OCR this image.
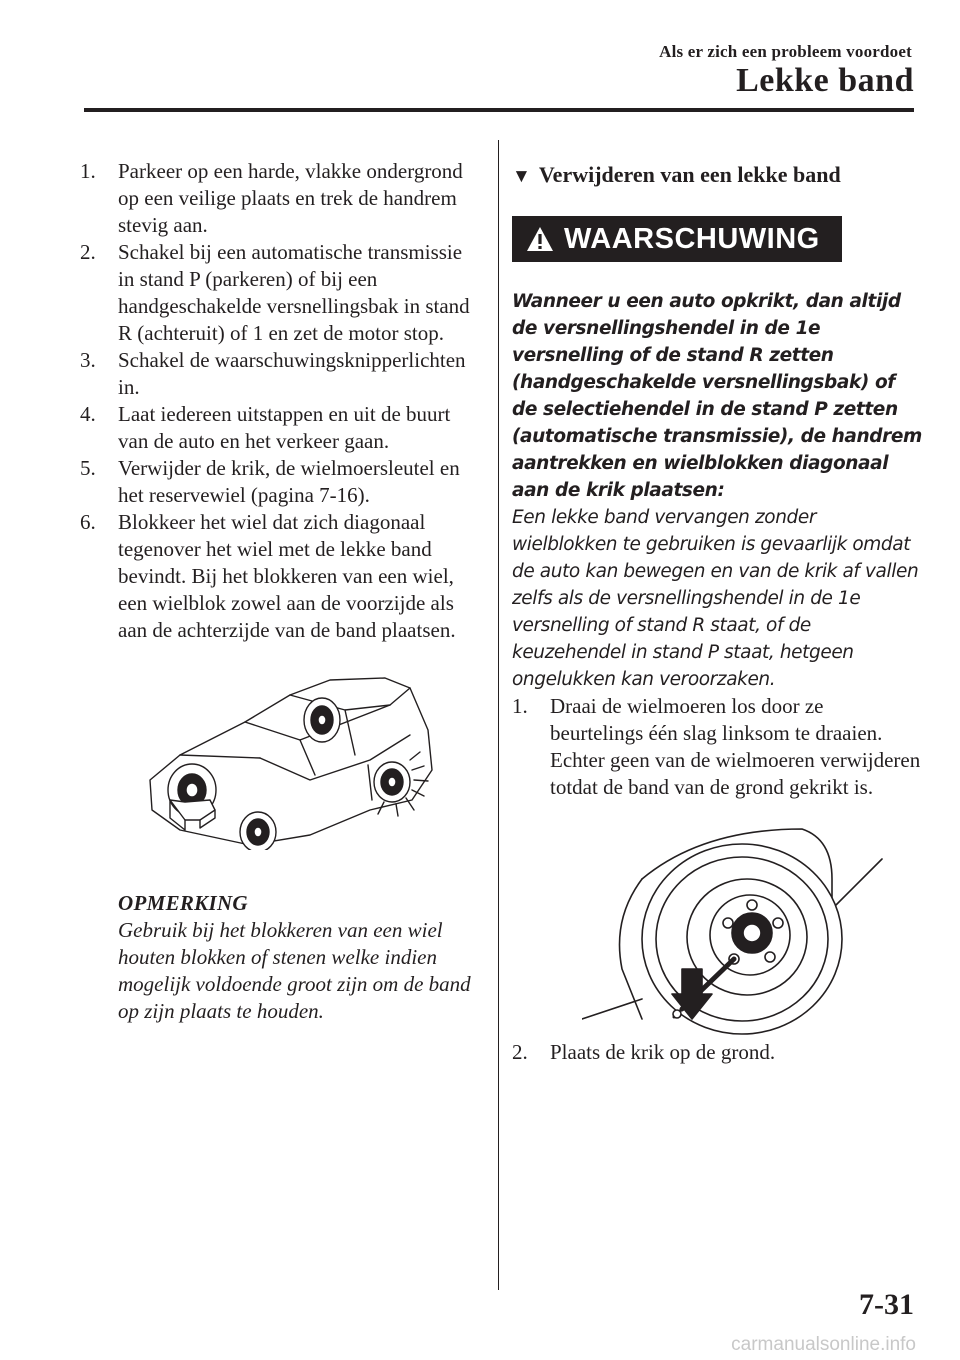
Als er zich een probleem voordoet
Lekke band
1. Parkeer op een harde, vlakke ondergrond op een veilige plaats en trek de handrem stevig aan.
2. Schakel bij een automatische transmissie in stand P (parkeren) of bij een handgeschakelde versnellingsbak in stand R (achteruit) of 1 en zet de motor stop.
3. Schakel de waarschuwingsknipperlichten in.
4. Laat iedereen uitstappen en uit de buurt van de auto en het verkeer gaan.
5. Verwijder de krik, de wielmoersleutel en het reservewiel (pagina 7-16).
6. Blokkeer het wiel dat zich diagonaal tegenover het wiel met de lekke band bevindt. Bij het blokkeren van een wiel, een wielblok zowel aan de voorzijde als aan de achterzijde van de band plaatsen.
OPMERKING
Gebruik bij het blokkeren van een wiel houten blokken of stenen welke indien mogelijk voldoende groot zijn om de band op zijn plaats te houden.
▼ Verwijderen van een lekke band
WAARSCHUWING
Wanneer u een auto opkrikt, dan altijd de versnellingshendel in de 1e versnelling of de stand R zetten (handgeschakelde versnellingsbak) of de selectiehendel in de stand P zetten (automatische transmissie), de handrem aantrekken en wielblokken diagonaal aan de krik plaatsen:
Een lekke band vervangen zonder wielblokken te gebruiken is gevaarlijk omdat de auto kan bewegen en van de krik af vallen zelfs als de versnellingshendel in de 1e versnelling of stand R staat, of de keuzehendel in stand P staat, hetgeen ongelukken kan veroorzaken.
1. Draai de wielmoeren los door ze beurtelings één slag linksom te draaien. Echter geen van de wielmoeren verwijderen totdat de band van de grond gekrikt is.
2. Plaats de krik op de grond.
7-31
carmanualsonline.info
